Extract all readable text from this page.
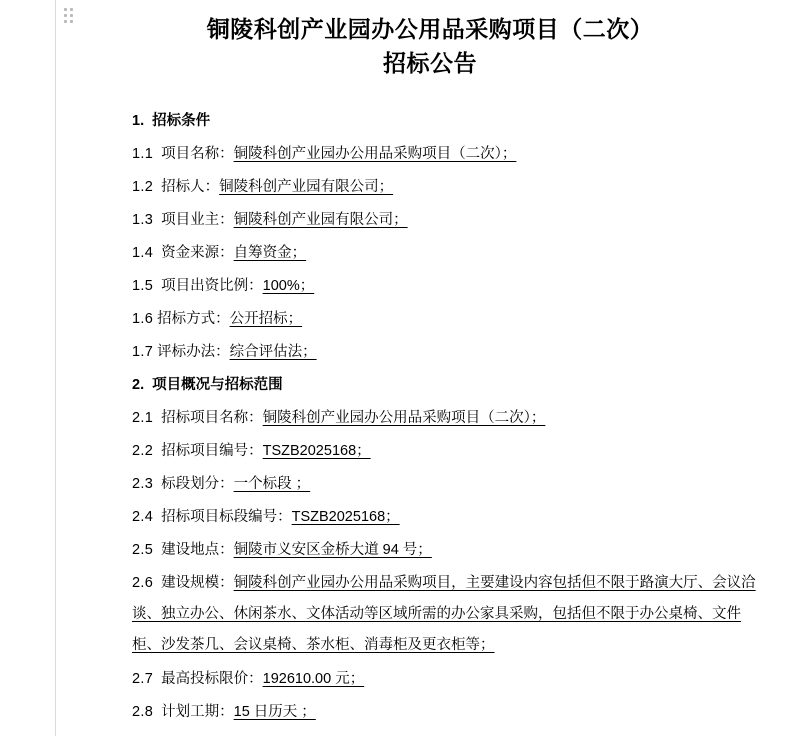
铜陵科创产业园办公用品采购项目（二次）
招标公告

1. 招标条件

1.1 项目名称：铜陵科创产业园办公用品采购项目（二次）；

1.2 招标人：铜陵科创产业园有限公司；

1.3 项目业主：铜陵科创产业园有限公司；

1.4 资金来源：自筹资金；

1.5 项目出资比例：100%；

1.6 招标方式：公开招标；

1.7 评标办法：综合评估法；

2. 项目概况与招标范围

2.1 招标项目名称：铜陵科创产业园办公用品采购项目（二次）；

2.2 招标项目编号：TSZB2025168；

2.3 标段划分：一个标段 ；

2.4 招标项目标段编号：TSZB2025168；

2.5 建设地点：铜陵市义安区金桥大道 94 号；

2.6 建设规模：铜陵科创产业园办公用品采购项目，主要建设内容包括但不限于路演大厅、会议洽谈、独立办公、休闲茶水、文体活动等区域所需的办公家具采购，包括但不限于办公桌椅、文件柜、沙发茶几、会议桌椅、茶水柜、消毒柜及更衣柜等；

2.7 最高投标限价：192610.00 元；

2.8 计划工期：15 日历天 ；
